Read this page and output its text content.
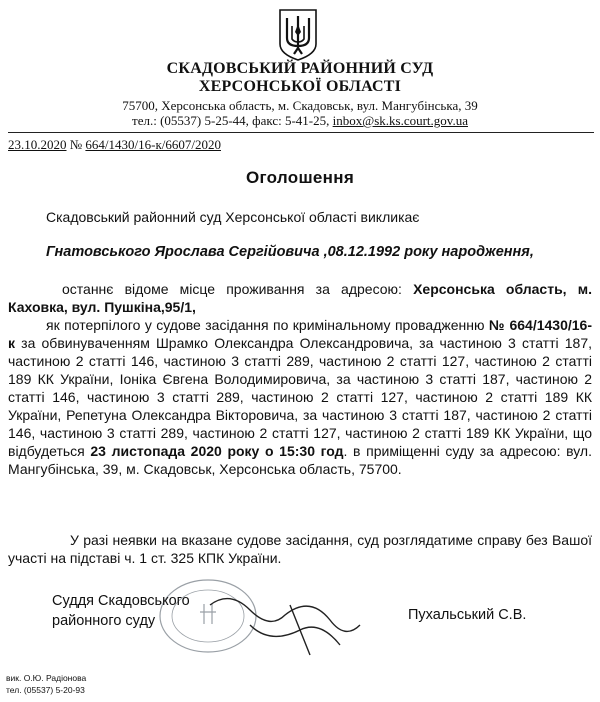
СКАДОВСЬКИЙ РАЙОННИЙ СУД
ХЕРСОНСЬКОЇ ОБЛАСТІ
75700, Херсонська область, м. Скадовськ, вул. Мангубінська, 39
тел.: (05537) 5-25-44, факс: 5-41-25, inbox@sk.ks.court.gov.ua
23.10.2020 № 664/1430/16-к/6607/2020
Оголошення
Скадовський районний суд Херсонської області викликає
Гнатовського Ярослава Сергійовича ,08.12.1992 року народження,

останнє відоме місце проживання за адресою: Херсонська область, м. Каховка, вул. Пушкіна,95/1,

як потерпілого у судове засідання по кримінальному провадженню № 664/1430/16-к за обвинуваченням Шрамко Олександра Олександровича, за частиною 3 статті 187, частиною 2 статті 146, частиною 3 статті 289, частиною 2 статті 127, частиною 2 статті 189 КК України, Іоніка Євгена Володимировича, за частиною 3 статті 187, частиною 2 статті 146, частиною 3 статті 289, частиною 2 статті 127, частиною 2 статті 189 КК України, Репетуна Олександра Вікторовича, за частиною 3 статті 187, частиною 2 статті 146, частиною 3 статті 289, частиною 2 статті 127, частиною 2 статті 189 КК України, що відбудеться 23 листопада 2020 року о 15:30 год. в приміщенні суду за адресою: вул. Мангубінська, 39, м. Скадовськ, Херсонська область, 75700.

У разі неявки на вказане судове засідання, суд розглядатиме справу без Вашої участі на підставі ч. 1 ст. 325 КПК України.
Суддя Скадовського
районного суду	Пухальський С.В.
вик. О.Ю. Радіонова
тел. (05537) 5-20-93
